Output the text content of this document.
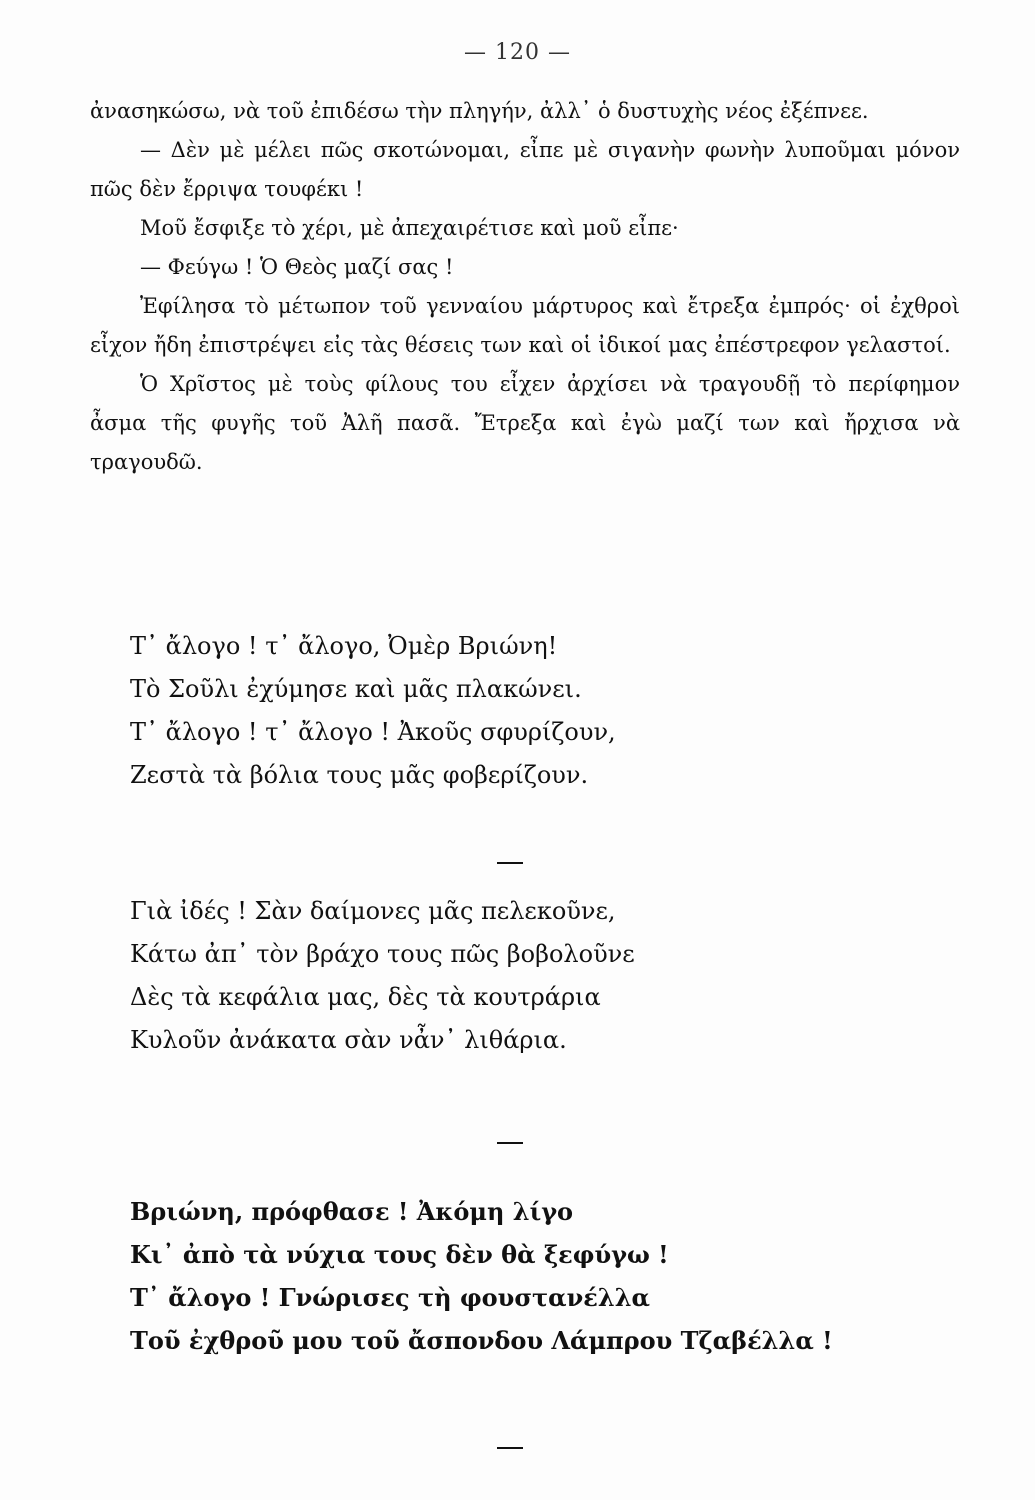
— 120 —

ἀνασηκώσω, νὰ τοῦ ἐπιδέσω τὴν πληγήν, ἀλλ᾽ ὁ δυστυχὴς νέος ἐξέπνεε.

— Δὲν μὲ μέλει πῶς σκοτώνομαι, εἶπε μὲ σιγανὴν φωνὴν λυποῦμαι μόνον πῶς δὲν ἔρριψα τουφέκι !

Μοῦ ἔσφιξε τὸ χέρι, μὲ ἀπεχαιρέτισε καὶ μοῦ εἶπε·

— Φεύγω ! Ὁ Θεὸς μαζί σας !

Ἐφίλησα τὸ μέτωπον τοῦ γενναίου μάρτυρος καὶ ἔτρεξα ἐμπρός· οἱ ἐχθροὶ εἶχον ἤδη ἐπιστρέψει εἰς τὰς θέσεις των καὶ οἱ ἰδικοί μας ἐπέστρεφον γελαστοί.

Ὁ Χρῖστος μὲ τοὺς φίλους του εἶχεν ἀρχίσει νὰ τραγουδῇ τὸ περίφημον ἆσμα τῆς φυγῆς τοῦ Ἀλῆ πασᾶ. Ἔτρεξα καὶ ἐγὼ μαζί των καὶ ἤρχισα νὰ τραγουδῶ.

Τ᾽ ἄλογο ! τ᾽ ἄλογο, Ὀμὲρ Βριώνη!
Τὸ Σοῦλι ἐχύμησε καὶ μᾶς πλακώνει.
Τ᾽ ἄλογο ! τ᾽ ἄλογο ! Ἀκοῦς σφυρίζουν,
Ζεστὰ τὰ βόλια τους μᾶς φοβερίζουν.
Γιὰ ἰδές ! Σὰν δαίμονες μᾶς πελεκοῦνε,
Κάτω ἀπ᾽ τὸν βράχο τους πῶς βοβολοῦνε
Δὲς τὰ κεφάλια μας, δὲς τὰ κουτράρια
Κυλοῦν ἀνάκατα σὰν νἆν᾽ λιθάρια.
Βριώνη, πρόφθασε ! Ἀκόμη λίγο
Κι᾽ ἀπὸ τὰ νύχια τους δὲν θὰ ξεφύγω !
Τ᾽ ἄλογο ! Γνώρισες τὴ φουστανέλλα
Τοῦ ἐχθροῦ μου τοῦ ἄσπονδου Λάμπρου Τζαβέλλα !
